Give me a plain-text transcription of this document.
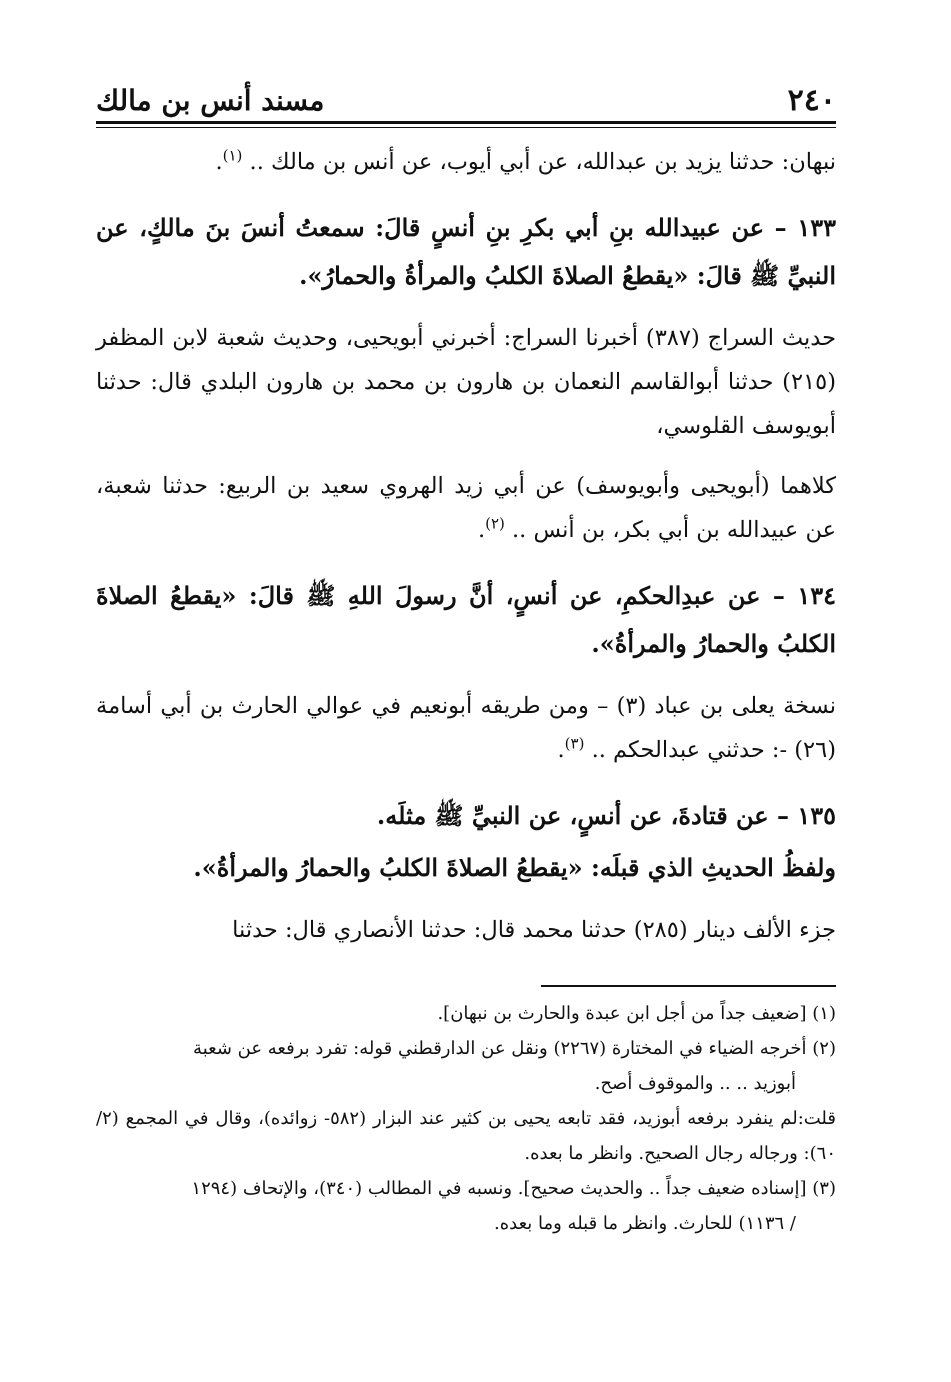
٢٤٠
مسند أنس بن مالك

نبهان: حدثنا يزيد بن عبدالله، عن أبي أيوب، عن أنس بن مالك .. $^{(١)}$.

١٣٣ – عن عبيدالله بنِ أبي بكرِ بنِ أنسٍ قالَ: سمعتُ أنسَ بنَ مالكٍ، عن النبيِّ ﷺ قالَ: «يقطعُ الصلاةَ الكلبُ والمرأةُ والحمارُ».

حديث السراج (٣٨٧) أخبرنا السراج: أخبرني أبويحيى، وحديث شعبة لابن المظفر (٢١٥) حدثنا أبوالقاسم النعمان بن هارون بن محمد بن هارون البلدي قال: حدثنا أبويوسف القلوسي،

كلاهما (أبويحيى وأبويوسف) عن أبي زيد الهروي سعيد بن الربيع: حدثنا شعبة، عن عبيدالله بن أبي بكر، بن أنس .. $^{(٢)}$.

١٣٤ – عن عبدِالحكمِ، عن أنسٍ، أنَّ رسولَ اللهِ ﷺ قالَ: «يقطعُ الصلاةَ الكلبُ والحمارُ والمرأةُ».

نسخة يعلى بن عباد (٣) – ومن طريقه أبونعيم في عوالي الحارث بن أبي أسامة (٢٦) -: حدثني عبدالحكم .. $^{(٣)}$.

١٣٥ – عن قتادةَ، عن أنسٍ، عن النبيِّ ﷺ مثلَه.

ولفظُ الحديثِ الذي قبلَه: «يقطعُ الصلاةَ الكلبُ والحمارُ والمرأةُ».

جزء الألف دينار (٢٨٥) حدثنا محمد قال: حدثنا الأنصاري قال: حدثنا

(١) [ضعيف جداً من أجل ابن عبدة والحارث بن نبهان].

(٢) أخرجه الضياء في المختارة (٢٢٦٧) ونقل عن الدارقطني قوله: تفرد برفعه عن شعبة

أبوزيد .. .. والموقوف أصح.

قلت:لم ينفرد برفعه أبوزيد، فقد تابعه يحيى بن كثير عند البزار (٥٨٢- زوائده)، وقال في المجمع (٢/ ٦٠): ورجاله رجال الصحيح. وانظر ما بعده.

(٣) [إسناده ضعيف جداً .. والحديث صحيح]. ونسبه في المطالب (٣٤٠)، والإتحاف (١٢٩٤

/ ١١٣٦) للحارث. وانظر ما قبله وما بعده.
